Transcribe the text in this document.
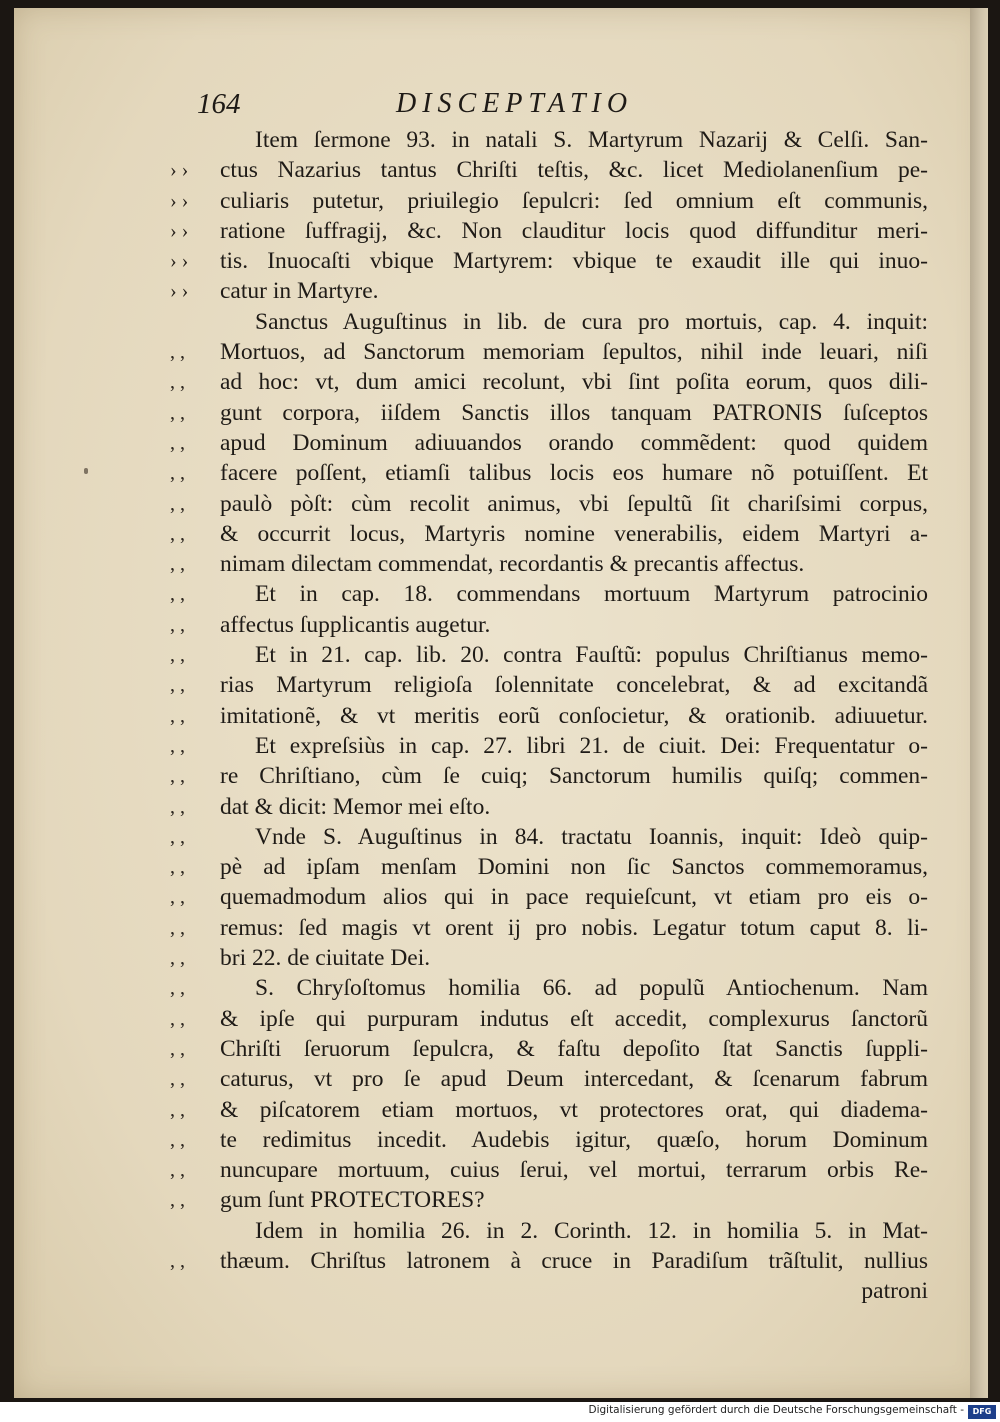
164	DISCEPTATIO
Item ſermone 93. in natali S. Martyrum Nazarij & Celſi. San-
› ›	ctus Nazarius tantus Chriſti teſtis, &c. licet Mediolanenſium pe-
› ›	culiaris putetur, priuilegio ſepulcri: ſed omnium eſt communis,
› ›	ratione ſuffragij, &c. Non clauditur locis quod diffunditur meri-
› ›	tis. Inuocaſti vbique Martyrem: vbique te exaudit ille qui inuo-
› ›	catur in Martyre.
Sanctus Auguſtinus in lib. de cura pro mortuis, cap. 4. inquit:
, ,	Mortuos, ad Sanctorum memoriam ſepultos, nihil inde leuari, niſi
, ,	ad hoc: vt, dum amici recolunt, vbi ſint poſita eorum, quos dili-
, ,	gunt corpora, iiſdem Sanctis illos tanquam PATRONIS ſuſceptos
, ,	apud Dominum adiuuandos orando commẽdent: quod quidem
, ,	facere poſſent, etiamſi talibus locis eos humare nõ potuiſſent. Et
, ,	paulò pòſt: cùm recolit animus, vbi ſepultũ ſit chariſsimi corpus,
, ,	& occurrit locus, Martyris nomine venerabilis, eidem Martyri a-
, ,	nimam dilectam commendat, recordantis & precantis affectus.
, ,	Et in cap. 18. commendans mortuum Martyrum patrocinio
, ,	affectus ſupplicantis augetur.
, ,	Et in 21. cap. lib. 20. contra Fauſtũ: populus Chriſtianus memo-
, ,	rias Martyrum religioſa ſolennitate concelebrat, & ad excitandã
, ,	imitationẽ, & vt meritis eorũ conſocietur, & orationib. adiuuetur.
, ,	Et expreſsiùs in cap. 27. libri 21. de ciuit. Dei: Frequentatur o-
, ,	re Chriſtiano, cùm ſe cuiq; Sanctorum humilis quiſq; commen-
, ,	dat & dicit: Memor mei eſto.
, ,	Vnde S. Auguſtinus in 84. tractatu Ioannis, inquit: Ideò quip-
, ,	pè ad ipſam menſam Domini non ſic Sanctos commemoramus,
, ,	quemadmodum alios qui in pace requieſcunt, vt etiam pro eis o-
, ,	remus: ſed magis vt orent ij pro nobis. Legatur totum caput 8. li-
, ,	bri 22. de ciuitate Dei.
, ,	S. Chryſoſtomus homilia 66. ad populũ Antiochenum. Nam
, ,	& ipſe qui purpuram indutus eſt accedit, complexurus ſanctorũ
, ,	Chriſti ſeruorum ſepulcra, & faſtu depoſito ſtat Sanctis ſuppli-
, ,	caturus, vt pro ſe apud Deum intercedant, & ſcenarum fabrum
, ,	& piſcatorem etiam mortuos, vt protectores orat, qui diadema-
, ,	te redimitus incedit. Audebis igitur, quæſo, horum Dominum
, ,	nuncupare mortuum, cuius ſerui, vel mortui, terrarum orbis Re-
, ,	gum ſunt PROTECTORES?
Idem in homilia 26. in 2. Corinth. 12. in homilia 5. in Mat-
, ,	thæum. Chriſtus latronem à cruce in Paradiſum trãſtulit, nullius
patroni
Digitalisierung gefördert durch die Deutsche Forschungsgemeinschaft -	DFG
